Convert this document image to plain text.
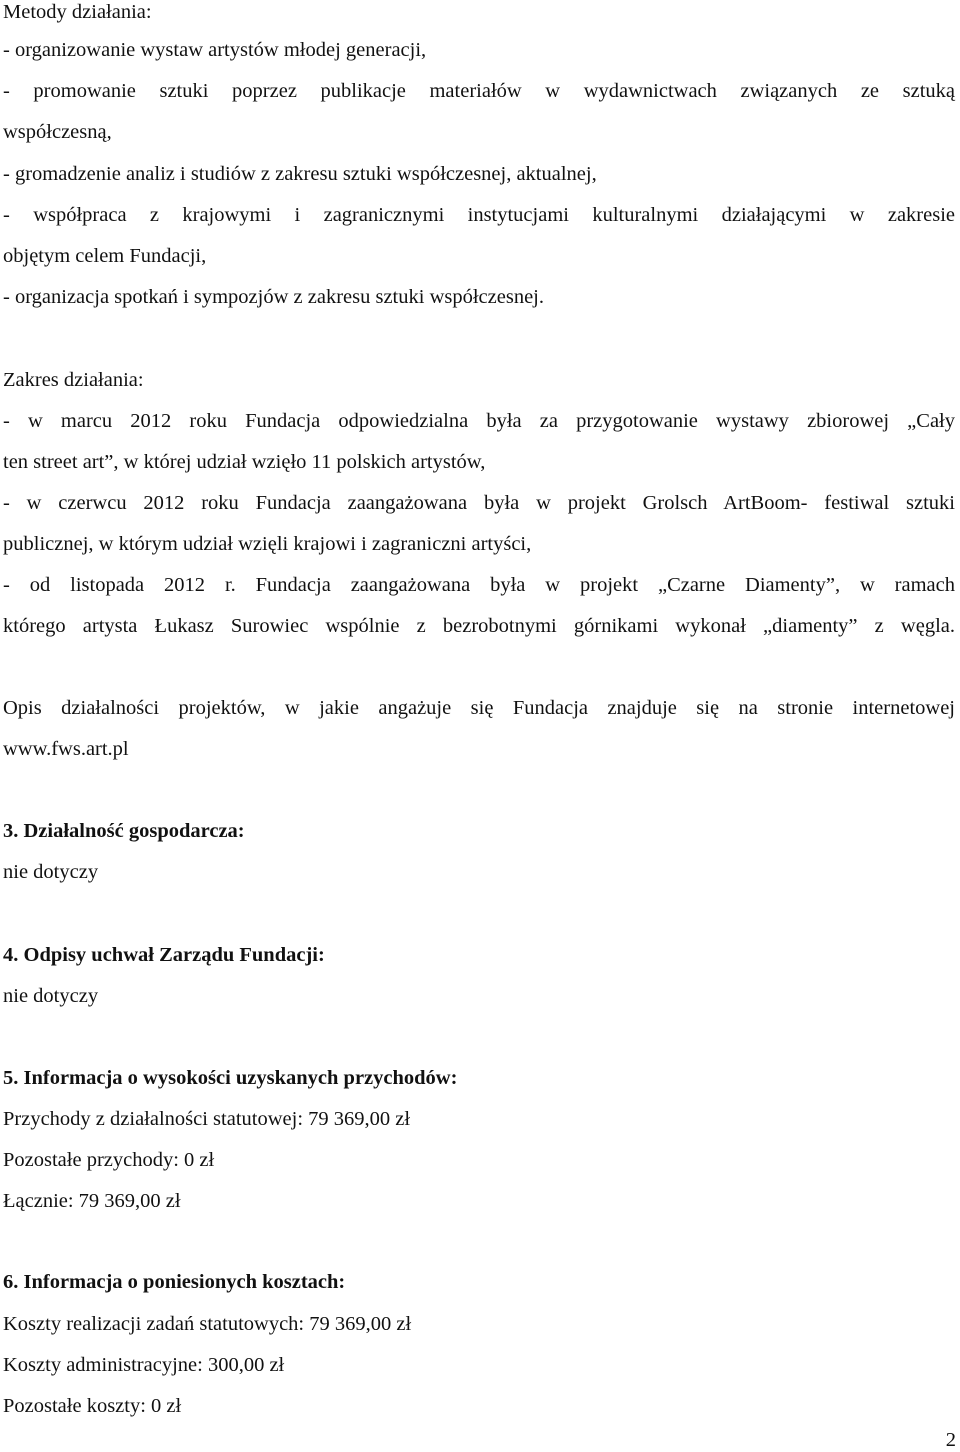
Metody działania:
- organizowanie wystaw artystów młodej generacji,
- promowanie sztuki poprzez publikacje materiałów w wydawnictwach związanych ze sztuką
współczesną,
- gromadzenie analiz i studiów z zakresu sztuki współczesnej, aktualnej,
- współpraca z krajowymi i zagranicznymi instytucjami kulturalnymi działającymi w zakresie
objętym celem Fundacji,
- organizacja spotkań i sympozjów z zakresu sztuki współczesnej.
Zakres działania:
- w marcu 2012 roku Fundacja odpowiedzialna była za przygotowanie wystawy zbiorowej „Cały
ten street art”, w której udział wzięło 11 polskich artystów,
- w czerwcu 2012 roku Fundacja zaangażowana była w projekt Grolsch ArtBoom- festiwal sztuki
publicznej, w którym udział wzięli krajowi i zagraniczni artyści,
- od listopada 2012 r. Fundacja zaangażowana była w projekt „Czarne Diamenty”, w ramach
którego artysta Łukasz Surowiec wspólnie z bezrobotnymi górnikami wykonał „diamenty” z węgla.
Opis działalności projektów, w jakie angażuje się Fundacja znajduje się na stronie internetowej
www.fws.art.pl
3. Działalność gospodarcza:
nie dotyczy
4. Odpisy uchwał Zarządu Fundacji:
nie dotyczy
5. Informacja o wysokości uzyskanych przychodów:
Przychody z działalności statutowej: 79 369,00 zł
Pozostałe przychody: 0 zł
Łącznie: 79 369,00 zł
6. Informacja o poniesionych kosztach:
Koszty realizacji zadań statutowych: 79 369,00 zł
Koszty administracyjne: 300,00 zł
Pozostałe koszty: 0 zł
2
